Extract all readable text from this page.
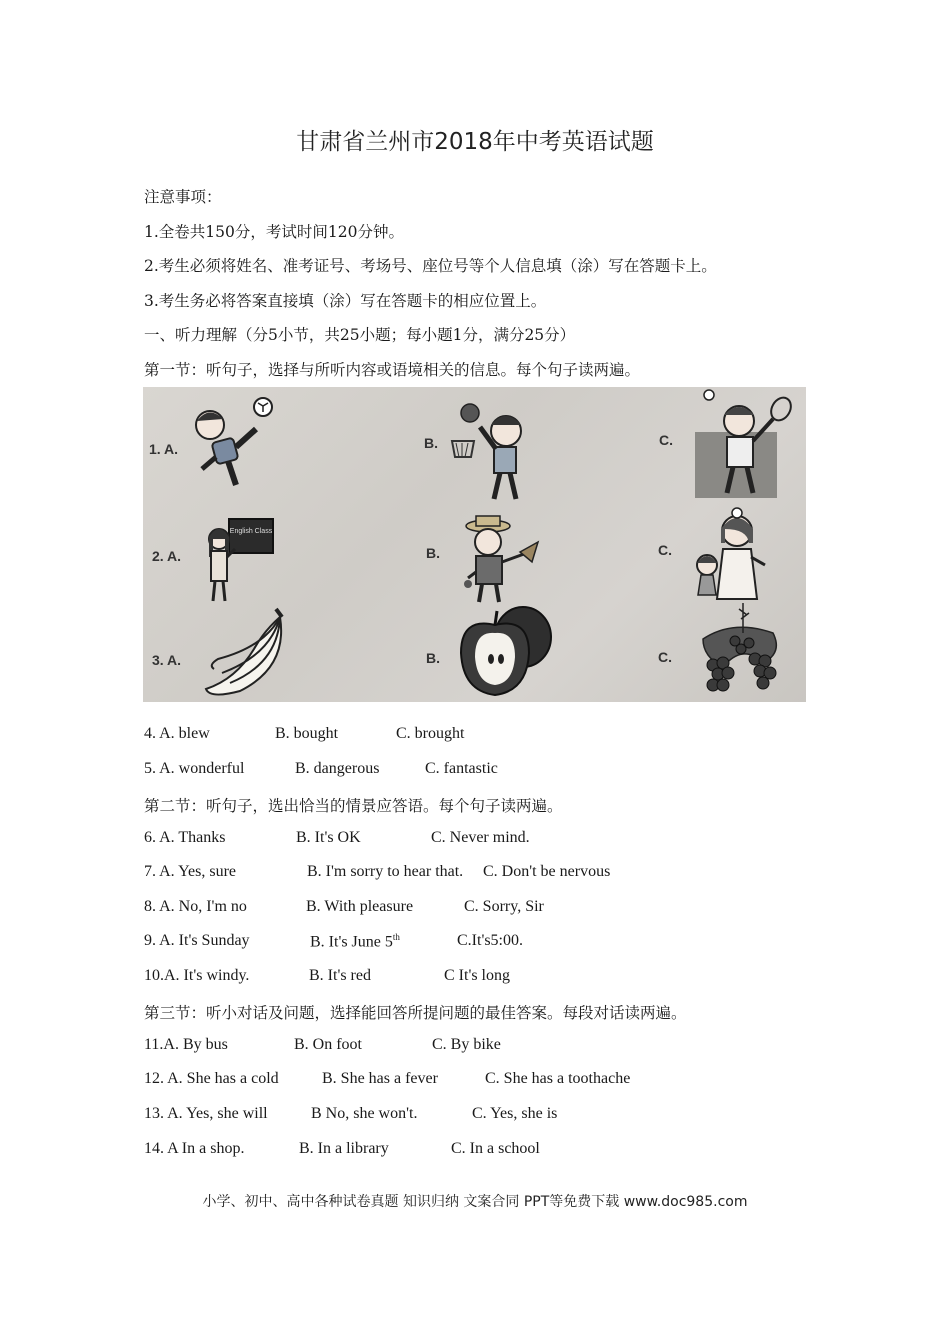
甘肃省兰州市2018年中考英语试题
注意事项：
1.全卷共150分，考试时间120分钟。
2.考生必须将姓名、准考证号、考场号、座位号等个人信息填（涂）写在答题卡上。
3.考生务必将答案直接填（涂）写在答题卡的相应位置上。
一、听力理解（分5小节，共25小题；每小题1分，满分25分）
第一节：听句子，选择与所听内容或语境相关的信息。每个句子读两遍。
1. A.	B.	C.
2. A.	B.	C.
3. A.	B.	C.
English Class
4. A. blew	B. bought	C. brought
5. A. wonderful	B. dangerous	C. fantastic
第二节：听句子，选出恰当的情景应答语。每个句子读两遍。
6. A. Thanks	B. It's OK	C. Never mind.
7. A. Yes, sure	B. I'm sorry to hear that. C. Don't be nervous
8. A. No, I'm no	B. With pleasure	C. Sorry, Sir
9. A. It's Sunday	B. It's June 5th	C.It's5:00.
10.A. It's windy.	B. It's red	C It's long
第三节：听小对话及问题，选择能回答所提问题的最佳答案。每段对话读两遍。
11.A. By bus	B. On foot	C. By bike
12. A. She has a cold	B. She has a fever	C. She has a toothache
13. A. Yes, she will	B No, she won't.	C. Yes, she is
14. A In a shop.	B. In a library	C. In a school
小学、初中、高中各种试卷真题 知识归纳 文案合同 PPT等免费下载 www.doc985.com
